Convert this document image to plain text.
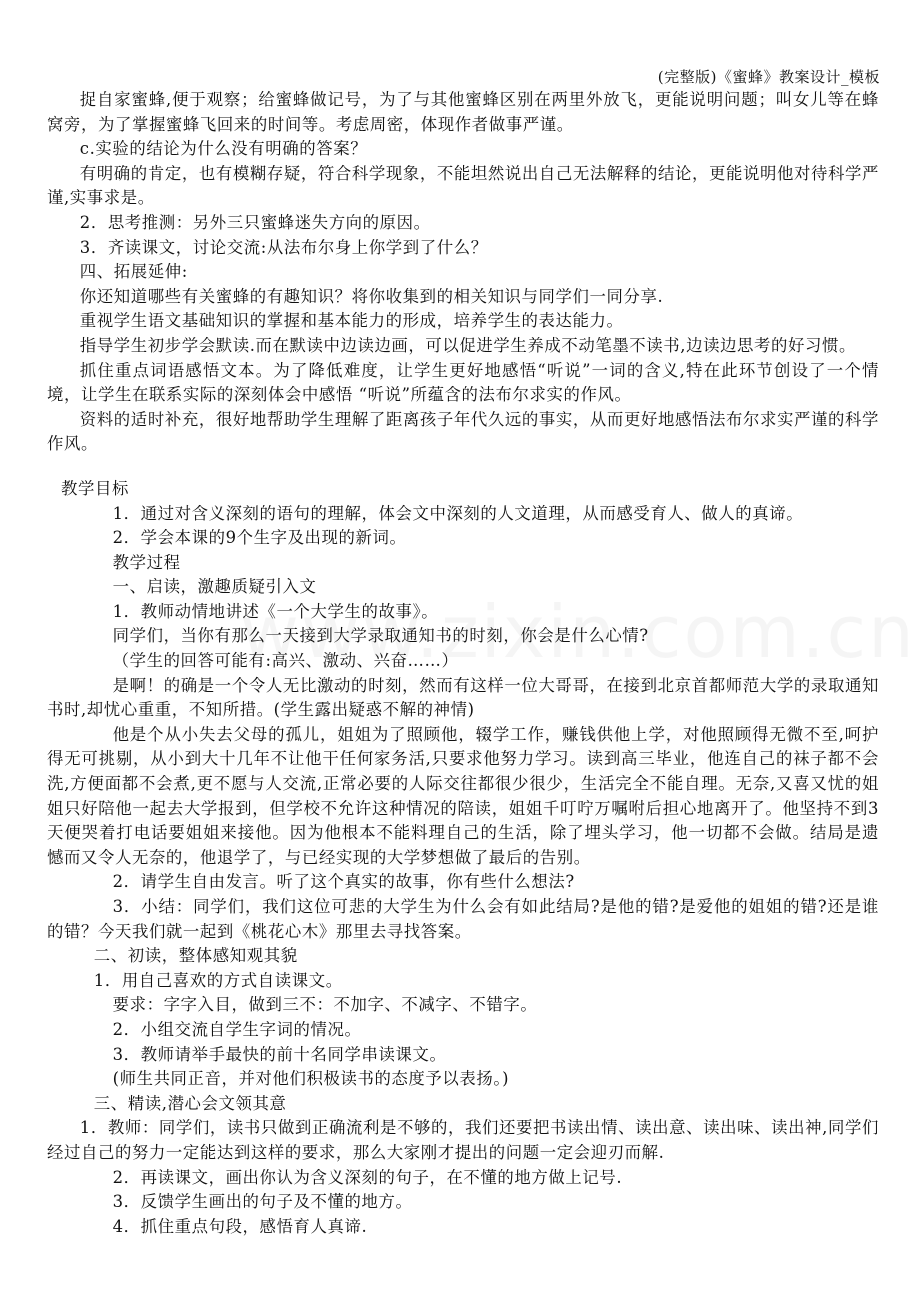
(完整版)《蜜蜂》教案设计_模板

捉自家蜜蜂,便于观察；给蜜蜂做记号，为了与其他蜜蜂区别在两里外放飞，更能说明问题；叫女儿等在蜂窝旁，为了掌握蜜蜂飞回来的时间等。考虑周密，体现作者做事严谨。

c.实验的结论为什么没有明确的答案？

有明确的肯定，也有模糊存疑，符合科学现象，不能坦然说出自己无法解释的结论，更能说明他对待科学严谨,实事求是。

2．思考推测：另外三只蜜蜂迷失方向的原因。

3．齐读课文，讨论交流:从法布尔身上你学到了什么？

四、拓展延伸:

你还知道哪些有关蜜蜂的有趣知识？将你收集到的相关知识与同学们一同分享.

重视学生语文基础知识的掌握和基本能力的形成，培养学生的表达能力。

指导学生初步学会默读.而在默读中边读边画，可以促进学生养成不动笔墨不读书,边读边思考的好习惯。

抓住重点词语感悟文本。为了降低难度，让学生更好地感悟“听说”一词的含义,特在此环节创设了一个情境，让学生在联系实际的深刻体会中感悟 “听说”所蕴含的法布尔求实的作风。

资料的适时补充，很好地帮助学生理解了距离孩子年代久远的事实，从而更好地感悟法布尔求实严谨的科学作风。

教学目标

1．通过对含义深刻的语句的理解，体会文中深刻的人文道理，从而感受育人、做人的真谛。

2．学会本课的9个生字及出现的新词。

教学过程

一、启读，激趣质疑引入文

1．教师动情地讲述《一个大学生的故事》。

同学们，当你有那么一天接到大学录取通知书的时刻，你会是什么心情?

（学生的回答可能有:高兴、激动、兴奋……）

是啊！的确是一个令人无比激动的时刻，然而有这样一位大哥哥，在接到北京首都师范大学的录取通知书时,却忧心重重，不知所措。(学生露出疑惑不解的神情)

他是个从小失去父母的孤儿，姐姐为了照顾他，辍学工作，赚钱供他上学，对他照顾得无微不至,呵护得无可挑剔，从小到大十几年不让他干任何家务活,只要求他努力学习。读到高三毕业，他连自己的袜子都不会洗,方便面都不会煮,更不愿与人交流,正常必要的人际交往都很少很少，生活完全不能自理。无奈,又喜又忧的姐姐只好陪他一起去大学报到，但学校不允许这种情况的陪读，姐姐千叮咛万嘱咐后担心地离开了。他坚持不到3天便哭着打电话要姐姐来接他。因为他根本不能料理自己的生活，除了埋头学习，他一切都不会做。结局是遗憾而又令人无奈的，他退学了，与已经实现的大学梦想做了最后的告别。

2．请学生自由发言。听了这个真实的故事，你有些什么想法?

3．小结：同学们，我们这位可悲的大学生为什么会有如此结局?是他的错?是爱他的姐姐的错?还是谁的错？今天我们就一起到《桃花心木》那里去寻找答案。

二、初读，整体感知观其貌

1．用自己喜欢的方式自读课文。

要求：字字入目，做到三不：不加字、不减字、不错字。

2．小组交流自学生字词的情况。

3．教师请举手最快的前十名同学串读课文。

(师生共同正音，并对他们积极读书的态度予以表扬。)

三、精读,潜心会文领其意

1．教师：同学们，读书只做到正确流利是不够的，我们还要把书读出情、读出意、读出味、读出神,同学们经过自己的努力一定能达到这样的要求，那么大家刚才提出的问题一定会迎刃而解.

2．再读课文，画出你认为含义深刻的句子，在不懂的地方做上记号.

3．反馈学生画出的句子及不懂的地方。

4．抓住重点句段，感悟育人真谛.
